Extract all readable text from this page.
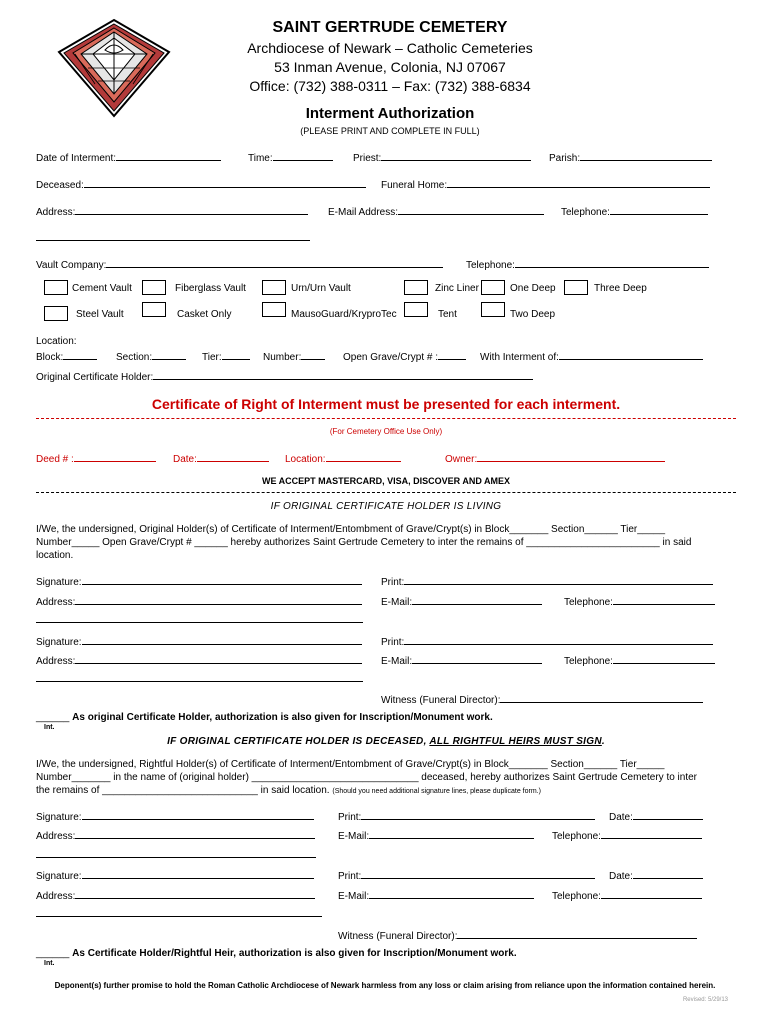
SAINT GERTRUDE CEMETERY
Archdiocese of Newark – Catholic Cemeteries
53 Inman Avenue, Colonia, NJ 07067
Office: (732) 388-0311 – Fax: (732) 388-6834
Interment Authorization
(PLEASE PRINT AND COMPLETE IN FULL)
Date of Interment:	Time:	Priest:	Parish:
Deceased:	Funeral Home:
Address:	E-Mail Address:	Telephone:
Vault Company:	Telephone:
Cement Vault	Fiberglass Vault	Urn/Urn Vault	Zinc Liner	One Deep	Three Deep
Steel Vault	Casket Only	MausoGuard/KryproTec	Tent	Two Deep
Location:
Block:	Section:	Tier:	Number:	Open Grave/Crypt # :	With Interment of:
Original Certificate Holder:
Certificate of Right of Interment must be presented for each interment.
(For Cemetery Office Use Only)
Deed # :	Date:	Location:	Owner:
WE ACCEPT MASTERCARD, VISA, DISCOVER AND AMEX
IF ORIGINAL CERTIFICATE HOLDER IS LIVING
I/We, the undersigned, Original Holder(s) of Certificate of Interment/Entombment of Grave/Crypt(s) in Block_______ Section______ Tier_____
Number_____ Open Grave/Crypt # ______ hereby authorizes Saint Gertrude Cemetery to inter the remains of ________________________ in said
location.
Signature:	Print:
Address:	E-Mail:	Telephone:
Signature:	Print:
Address:	E-Mail:	Telephone:
Witness (Funeral Director):
______ As original Certificate Holder, authorization is also given for Inscription/Monument work.
Int.
IF ORIGINAL CERTIFICATE HOLDER IS DECEASED, ALL RIGHTFUL HEIRS MUST SIGN.
I/We, the undersigned, Rightful Holder(s) of Certificate of Interment/Entombment of Grave/Crypt(s) in Block_______ Section______ Tier_____
Number_______ in the name of (original holder) ______________________________ deceased, hereby authorizes Saint Gertrude Cemetery to inter
the remains of ____________________________ in said location. (Should you need additional signature lines, please duplicate form.)
Signature:	Print:	Date:
Address:	E-Mail:	Telephone:
Signature:	Print:	Date:
Address:	E-Mail:	Telephone:
Witness (Funeral Director):
______ As Certificate Holder/Rightful Heir, authorization is also given for Inscription/Monument work.
Int.
Deponent(s) further promise to hold the Roman Catholic Archdiocese of Newark harmless from any loss or claim arising from reliance upon the information contained herein.
Revised: 5/29/13
